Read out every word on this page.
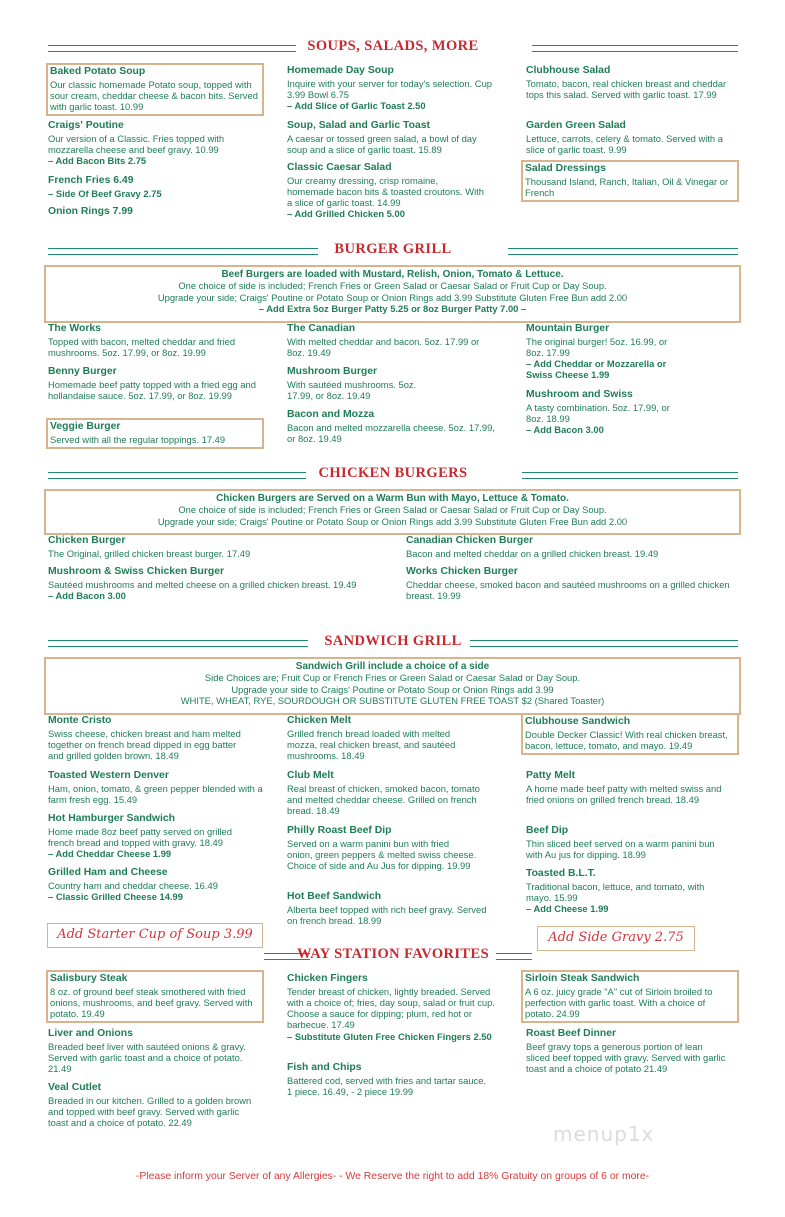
SOUPS, SALADS, MORE
Baked Potato Soup
Our classic homemade Potato soup, topped with sour cream, cheddar cheese & bacon bits. Served with garlic toast. 10.99
Craigs' Poutine
Our version of a Classic. Fries topped with mozzarella cheese and beef gravy. 10.99
– Add Bacon Bits 2.75
French Fries 6.49
– Side Of Beef Gravy 2.75
Onion Rings 7.99
Homemade Day Soup
Inquire with your server for today's selection. Cup 3.99 Bowl 6.75
– Add Slice of Garlic Toast 2.50
Soup, Salad and Garlic Toast
A caesar or tossed green salad, a bowl of day soup and a slice of garlic toast. 15.89
Classic Caesar Salad
Our creamy dressing, crisp romaine, homemade bacon bits & toasted croutons. With a slice of garlic toast. 14.99
– Add Grilled Chicken 5.00
Clubhouse Salad
Tomato, bacon, real chicken breast and cheddar tops this salad. Served with garlic toast. 17.99
Garden Green Salad
Lettuce, carrots, celery & tomato. Served with a slice of garlic toast. 9.99
Salad Dressings
Thousand Island, Ranch, Italian, Oil & Vinegar or French
BURGER GRILL
Beef Burgers are loaded with Mustard, Relish, Onion, Tomato & Lettuce.
One choice of side is included; French Fries or Green Salad or Caesar Salad or Fruit Cup or Day Soup.
Upgrade your side; Craigs' Poutine or Potato Soup or Onion Rings add 3.99 Substitute Gluten Free Bun add 2.00
– Add Extra 5oz Burger Patty 5.25 or 8oz Burger Patty 7.00 –
The Works
Topped with bacon, melted cheddar and fried mushrooms. 5oz. 17.99, or 8oz. 19.99
Benny Burger
Homemade beef patty topped with a fried egg and hollandaise sauce. 5oz. 17.99, or 8oz. 19.99
Veggie Burger
Served with all the regular toppings. 17.49
The Canadian
With melted cheddar and bacon. 5oz. 17.99 or 8oz. 19.49
Mushroom Burger
With sautéed mushrooms. 5oz. 17.99, or 8oz. 19.49
Bacon and Mozza
Bacon and melted mozzarella cheese. 5oz. 17.99, or 8oz. 19.49
Mountain Burger
The original burger! 5oz. 16.99, or 8oz. 17.99
– Add Cheddar or Mozzarella or Swiss Cheese 1.99
Mushroom and Swiss
A tasty combination. 5oz. 17.99, or 8oz. 18.99
– Add Bacon 3.00
CHICKEN BURGERS
Chicken Burgers are Served on a Warm Bun with Mayo, Lettuce & Tomato.
One choice of side is included; French Fries or Green Salad or Caesar Salad or Fruit Cup or Day Soup.
Upgrade your side; Craigs' Poutine or Potato Soup or Onion Rings add 3.99 Substitute Gluten Free Bun add 2.00
Chicken Burger
The Original, grilled chicken breast burger. 17.49
Mushroom & Swiss Chicken Burger
Sautéed mushrooms and melted cheese on a grilled chicken breast. 19.49
– Add Bacon 3.00
Canadian Chicken Burger
Bacon and melted cheddar on a grilled chicken breast. 19.49
Works Chicken Burger
Cheddar cheese, smoked bacon and sautéed mushrooms on a grilled chicken breast. 19.99
SANDWICH GRILL
Sandwich Grill include a choice of a side
Side Choices are; Fruit Cup or French Fries or Green Salad or Caesar Salad or Day Soup.
Upgrade your side to Craigs' Poutine or Potato Soup or Onion Rings add 3.99
WHITE, WHEAT, RYE, SOURDOUGH OR SUBSTITUTE GLUTEN FREE TOAST $2 (Shared Toaster)
Monte Cristo
Swiss cheese, chicken breast and ham melted together on french bread dipped in egg batter and grilled golden brown. 18.49
Toasted Western Denver
Ham, onion, tomato, & green pepper blended with a farm fresh egg. 15.49
Hot Hamburger Sandwich
Home made 8oz beef patty served on grilled french bread and topped with gravy. 18.49
– Add Cheddar Cheese 1.99
Grilled Ham and Cheese
Country ham and cheddar cheese. 16.49
– Classic Grilled Cheese 14.99
Chicken Melt
Grilled french bread loaded with melted mozza, real chicken breast, and sautéed mushrooms. 18.49
Club Melt
Real breast of chicken, smoked bacon, tomato and melted cheddar cheese. Grilled on french bread. 18.49
Philly Roast Beef Dip
Served on a warm panini bun with fried onion, green peppers & melted swiss cheese. Choice of side and Au Jus for dipping. 19.99
Hot Beef Sandwich
Alberta beef topped with rich beef gravy. Served on french bread. 18.99
Clubhouse Sandwich
Double Decker Classic! With real chicken breast, bacon, lettuce, tomato, and mayo. 19.49
Patty Melt
A home made beef patty with melted swiss and fried onions on grilled french bread. 18.49
Beef Dip
Thin sliced beef served on a warm panini bun with Au jus for dipping. 18.99
Toasted B.L.T.
Traditional bacon, lettuce, and tomato, with mayo. 15.99
– Add Cheese 1.99
Add Starter Cup of Soup 3.99	Add Side Gravy 2.75
WAY STATION FAVORITES
Salisbury Steak
8 oz. of ground beef steak smothered with fried onions, mushrooms, and beef gravy. Served with potato. 19.49
Liver and Onions
Breaded beef liver with sautéed onions & gravy. Served with garlic toast and a choice of potato. 21.49
Veal Cutlet
Breaded in our kitchen. Grilled to a golden brown and topped with beef gravy. Served with garlic toast and a choice of potato. 22.49
Chicken Fingers
Tender breast of chicken, lightly breaded. Served with a choice of; fries, day soup, salad or fruit cup. Choose a sauce for dipping; plum, red hot or barbecue. 17.49
– Substitute Gluten Free Chicken Fingers 2.50
Fish and Chips
Battered cod, served with fries and tartar sauce. 1 piece. 16.49, - 2 piece 19.99
Sirloin Steak Sandwich
A 6 oz. juicy grade "A" cut of Sirloin broiled to perfection with garlic toast. With a choice of potato. 24.99
Roast Beef Dinner
Beef gravy tops a generous portion of lean sliced beef topped with gravy. Served with garlic toast and a choice of potato 21.49
menup1x
-Please inform your Server of any Allergies- - We Reserve the right to add 18% Gratuity on groups of 6 or more-
